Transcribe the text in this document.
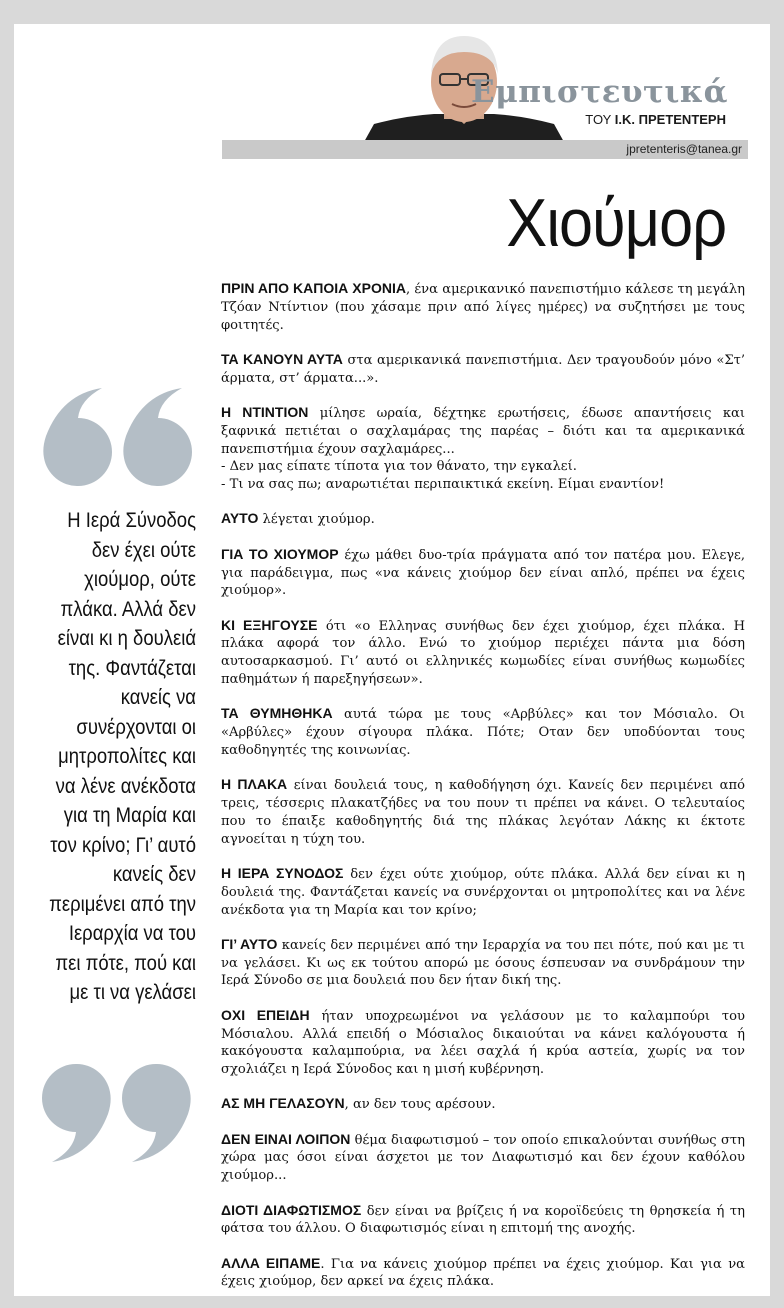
Εμπιστευτικά
ΤΟΥ Ι.Κ. ΠΡΕΤΕΝΤΕΡΗ
jpretenteris@tanea.gr
Χιούμορ
Η Ιερά Σύνοδος δεν έχει ούτε χιούμορ, ούτε πλάκα. Αλλά δεν είναι κι η δουλειά της. Φαντάζεται κανείς να συνέρχονται οι μητροπολίτες και να λένε ανέκδοτα για τη Μαρία και τον κρίνο; Γι’ αυτό κανείς δεν περιμένει από την Ιεραρχία να του πει πότε, πού και με τι να γελάσει

ΠΡΙΝ ΑΠΟ ΚΑΠΟΙΑ ΧΡΟΝΙΑ, ένα αμερικανικό πανεπιστήμιο κάλεσε τη μεγάλη Τζόαν Ντίντιον (που χάσαμε πριν από λίγες ημέρες) να συζητήσει με τους φοιτητές.

ΤΑ ΚΑΝΟΥΝ ΑΥΤΑ στα αμερικανικά πανεπιστήμια. Δεν τραγουδούν μόνο «Στ’ άρματα, στ’ άρματα...».

Η ΝΤΙΝΤΙΟΝ μίλησε ωραία, δέχτηκε ερωτήσεις, έδωσε απαντήσεις και ξαφνικά πετιέται ο σαχλαμάρας της παρέας – διότι και τα αμερικανικά πανεπιστήμια έχουν σαχλαμάρες...
- Δεν μας είπατε τίποτα για τον θάνατο, την εγκαλεί.
- Τι να σας πω; αναρωτιέται περιπαικτικά εκείνη. Είμαι εναντίον!

ΑΥΤΟ λέγεται χιούμορ.

ΓΙΑ ΤΟ ΧΙΟΥΜΟΡ έχω μάθει δυο-τρία πράγματα από τον πατέρα μου. Ελεγε, για παράδειγμα, πως «να κάνεις χιούμορ δεν είναι απλό, πρέπει να έχεις χιούμορ».

ΚΙ ΕΞΗΓΟΥΣΕ ότι «ο Ελληνας συνήθως δεν έχει χιούμορ, έχει πλάκα. Η πλάκα αφορά τον άλλο. Ενώ το χιούμορ περιέχει πάντα μια δόση αυτοσαρκασμού. Γι’ αυτό οι ελληνικές κωμωδίες είναι συνήθως κωμωδίες παθημάτων ή παρεξηγήσεων».

ΤΑ ΘΥΜΗΘΗΚΑ αυτά τώρα με τους «Αρβύλες» και τον Μόσιαλο. Οι «Αρβύλες» έχουν σίγουρα πλάκα. Πότε; Οταν δεν υποδύονται τους καθοδηγητές της κοινωνίας.

Η ΠΛΑΚΑ είναι δουλειά τους, η καθοδήγηση όχι. Κανείς δεν περιμένει από τρεις, τέσσερις πλακατζήδες να του πουν τι πρέπει να κάνει. Ο τελευταίος που το έπαιξε καθοδηγητής διά της πλάκας λεγόταν Λάκης κι έκτοτε αγνοείται η τύχη του.

Η ΙΕΡΑ ΣΥΝΟΔΟΣ δεν έχει ούτε χιούμορ, ούτε πλάκα. Αλλά δεν είναι κι η δουλειά της. Φαντάζεται κανείς να συνέρχονται οι μητροπολίτες και να λένε ανέκδοτα για τη Μαρία και τον κρίνο;

ΓΙ’ ΑΥΤΟ κανείς δεν περιμένει από την Ιεραρχία να του πει πότε, πού και με τι να γελάσει. Κι ως εκ τούτου απορώ με όσους έσπευσαν να συνδράμουν την Ιερά Σύνοδο σε μια δουλειά που δεν ήταν δική της.

ΟΧΙ ΕΠΕΙΔΗ ήταν υποχρεωμένοι να γελάσουν με το καλαμπούρι του Μόσιαλου. Αλλά επειδή ο Μόσιαλος δικαιούται να κάνει καλόγουστα ή κακόγουστα καλαμπούρια, να λέει σαχλά ή κρύα αστεία, χωρίς να τον σχολιάζει η Ιερά Σύνοδος και η μισή κυβέρνηση.

ΑΣ ΜΗ ΓΕΛΑΣΟΥΝ, αν δεν τους αρέσουν.

ΔΕΝ ΕΙΝΑΙ ΛΟΙΠΟΝ θέμα διαφωτισμού – τον οποίο επικαλούνται συνήθως στη χώρα μας όσοι είναι άσχετοι με τον Διαφωτισμό και δεν έχουν καθόλου χιούμορ...

ΔΙΟΤΙ ΔΙΑΦΩΤΙΣΜΟΣ δεν είναι να βρίζεις ή να κοροϊδεύεις τη θρησκεία ή τη φάτσα του άλλου. Ο διαφωτισμός είναι η επιτομή της ανοχής.

ΑΛΛΑ ΕΙΠΑΜΕ. Για να κάνεις χιούμορ πρέπει να έχεις χιούμορ. Και για να έχεις χιούμορ, δεν αρκεί να έχεις πλάκα.
